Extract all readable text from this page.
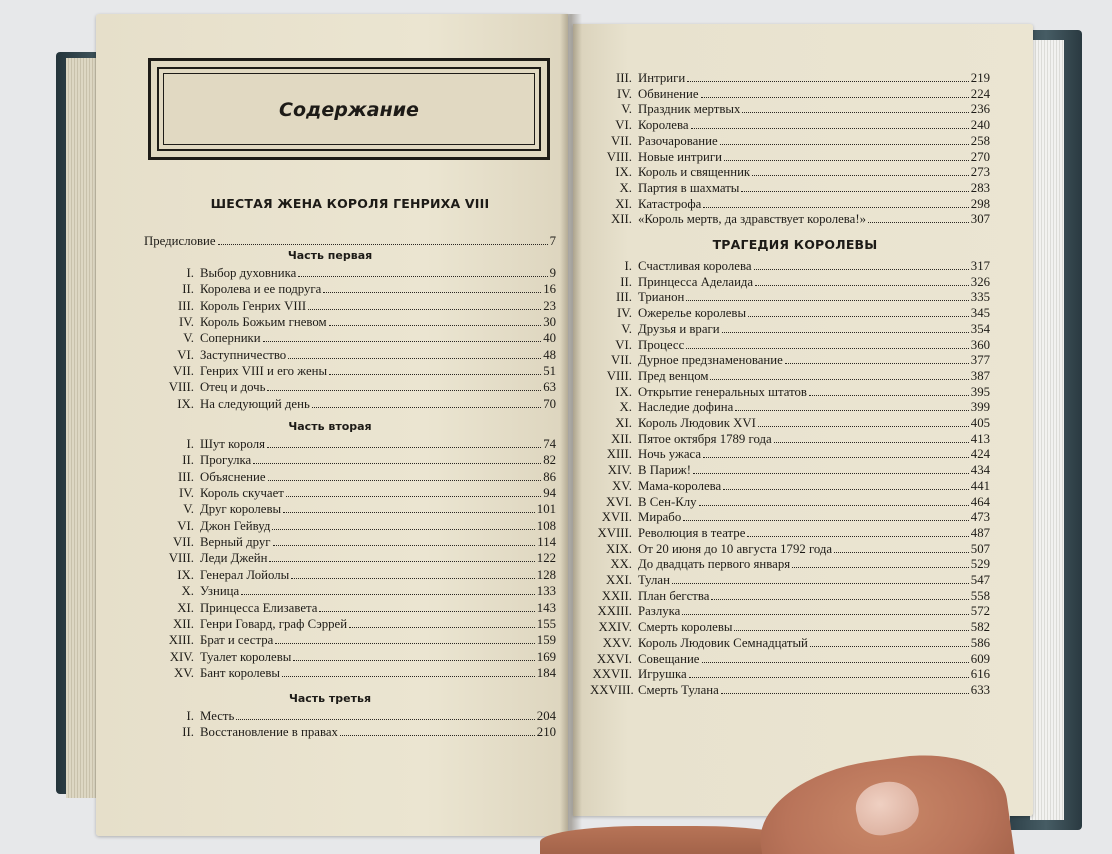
Содержание
ШЕСТАЯ ЖЕНА КОРОЛЯ ГЕНРИХА VIII
ТРАГЕДИЯ КОРОЛЕВЫ
Предисловие	7
Часть первая
I. Выбор духовника	9
II. Королева и ее подруга	16
III. Король Генрих VIII	23
IV. Король Божьим гневом	30
V. Соперники	40
VI. Заступничество	48
VII. Генрих VIII и его жены	51
VIII. Отец и дочь	63
IX. На следующий день	70
Часть вторая
I. Шут короля	74
II. Прогулка	82
III. Объяснение	86
IV. Король скучает	94
V. Друг королевы	101
VI. Джон Гейвуд	108
VII. Верный друг	114
VIII. Леди Джейн	122
IX. Генерал Лойолы	128
X. Узница	133
XI. Принцесса Елизавета	143
XII. Генри Говард, граф Сэррей	155
XIII. Брат и сестра	159
XIV. Туалет королевы	169
XV. Бант королевы	184
Часть третья
I. Месть	204
II. Восстановление в правах	210
III. Интриги	219
IV. Обвинение	224
V. Праздник мертвых	236
VI. Королева	240
VII. Разочарование	258
VIII. Новые интриги	270
IX. Король и священник	273
X. Партия в шахматы	283
XI. Катастрофа	298
XII. «Король мертв, да здравствует королева!»	307
I. Счастливая королева	317
II. Принцесса Аделаида	326
III. Трианон	335
IV. Ожерелье королевы	345
V. Друзья и враги	354
VI. Процесс	360
VII. Дурное предзнаменование	377
VIII. Пред венцом	387
IX. Открытие генеральных штатов	395
X. Наследие дофина	399
XI. Король Людовик XVI	405
XII. Пятое октября 1789 года	413
XIII. Ночь ужаса	424
XIV. В Париж!	434
XV. Мама-королева	441
XVI. В Сен-Клу	464
XVII. Мирабо	473
XVIII. Революция в театре	487
XIX. От 20 июня до 10 августа 1792 года	507
XX. До двадцать первого января	529
XXI. Тулан	547
XXII. План бегства	558
XXIII. Разлука	572
XXIV. Смерть королевы	582
XXV. Король Людовик Семнадцатый	586
XXVI. Совещание	609
XXVII. Игрушка	616
XXVIII. Смерть Тулана	633
